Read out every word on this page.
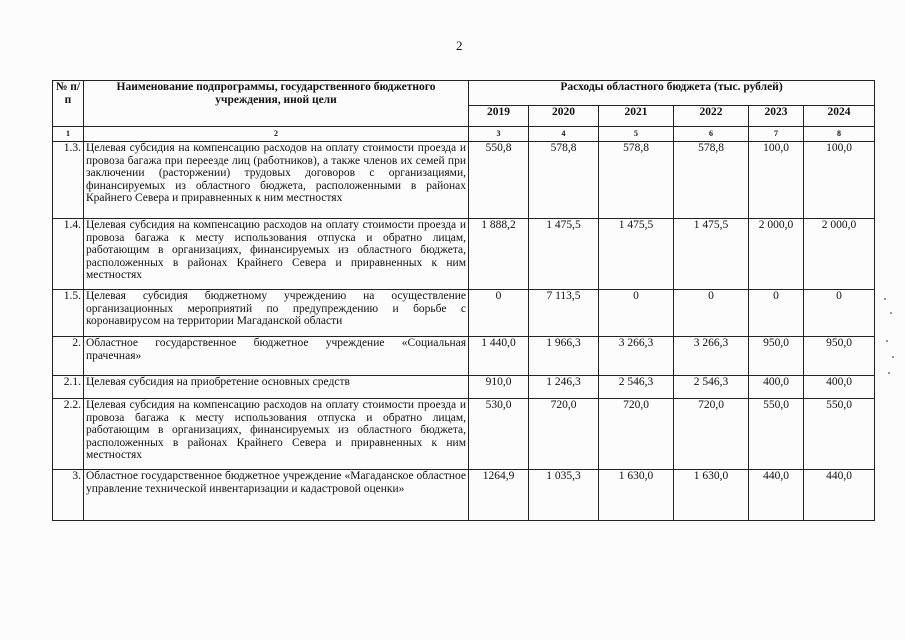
2
№ п/п	Наименование подпрограммы, государственного бюджетного учреждения, иной цели	Расходы областного бюджета (тыс. рублей)					
		2019	2020	2021	2022	2023	2024
1	2	3	4	5	6	7	8
1.3.	Целевая субсидия на компенсацию расходов на оплату стоимости проезда и провоза багажа при переезде лиц (работников), а также членов их семей при заключении (расторжении) трудовых договоров с организациями, финансируемых из областного бюджета, расположенными в районах Крайнего Севера и приравненных к ним местностях	550,8	578,8	578,8	578,8	100,0	100,0
1.4.	Целевая субсидия на компенсацию расходов на оплату стоимости проезда и провоза багажа к месту использования отпуска и обратно лицам, работающим в организациях, финансируемых из областного бюджета, расположенных в районах Крайнего Севера и приравненных к ним местностях	1 888,2	1 475,5	1 475,5	1 475,5	2 000,0	2 000,0
1.5.	Целевая субсидия бюджетному учреждению на осуществление организационных мероприятий по предупреждению и борьбе с коронавирусом на территории Магаданской области	0	7 113,5	0	0	0	0
2.	Областное государственное бюджетное учреждение «Социальная прачечная»	1 440,0	1 966,3	3 266,3	3 266,3	950,0	950,0
2.1.	Целевая субсидия на приобретение основных средств	910,0	1 246,3	2 546,3	2 546,3	400,0	400,0
2.2.	Целевая субсидия на компенсацию расходов на оплату стоимости проезда и провоза багажа к месту использования отпуска и обратно лицам, работающим в организациях, финансируемых из областного бюджета, расположенных в районах Крайнего Севера и приравненных к ним местностях	530,0	720,0	720,0	720,0	550,0	550,0
3.	Областное государственное бюджетное учреждение «Магаданское областное управление технической инвентаризации и кадастровой оценки»	1264,9	1 035,3	1 630,0	1 630,0	440,0	440,0
